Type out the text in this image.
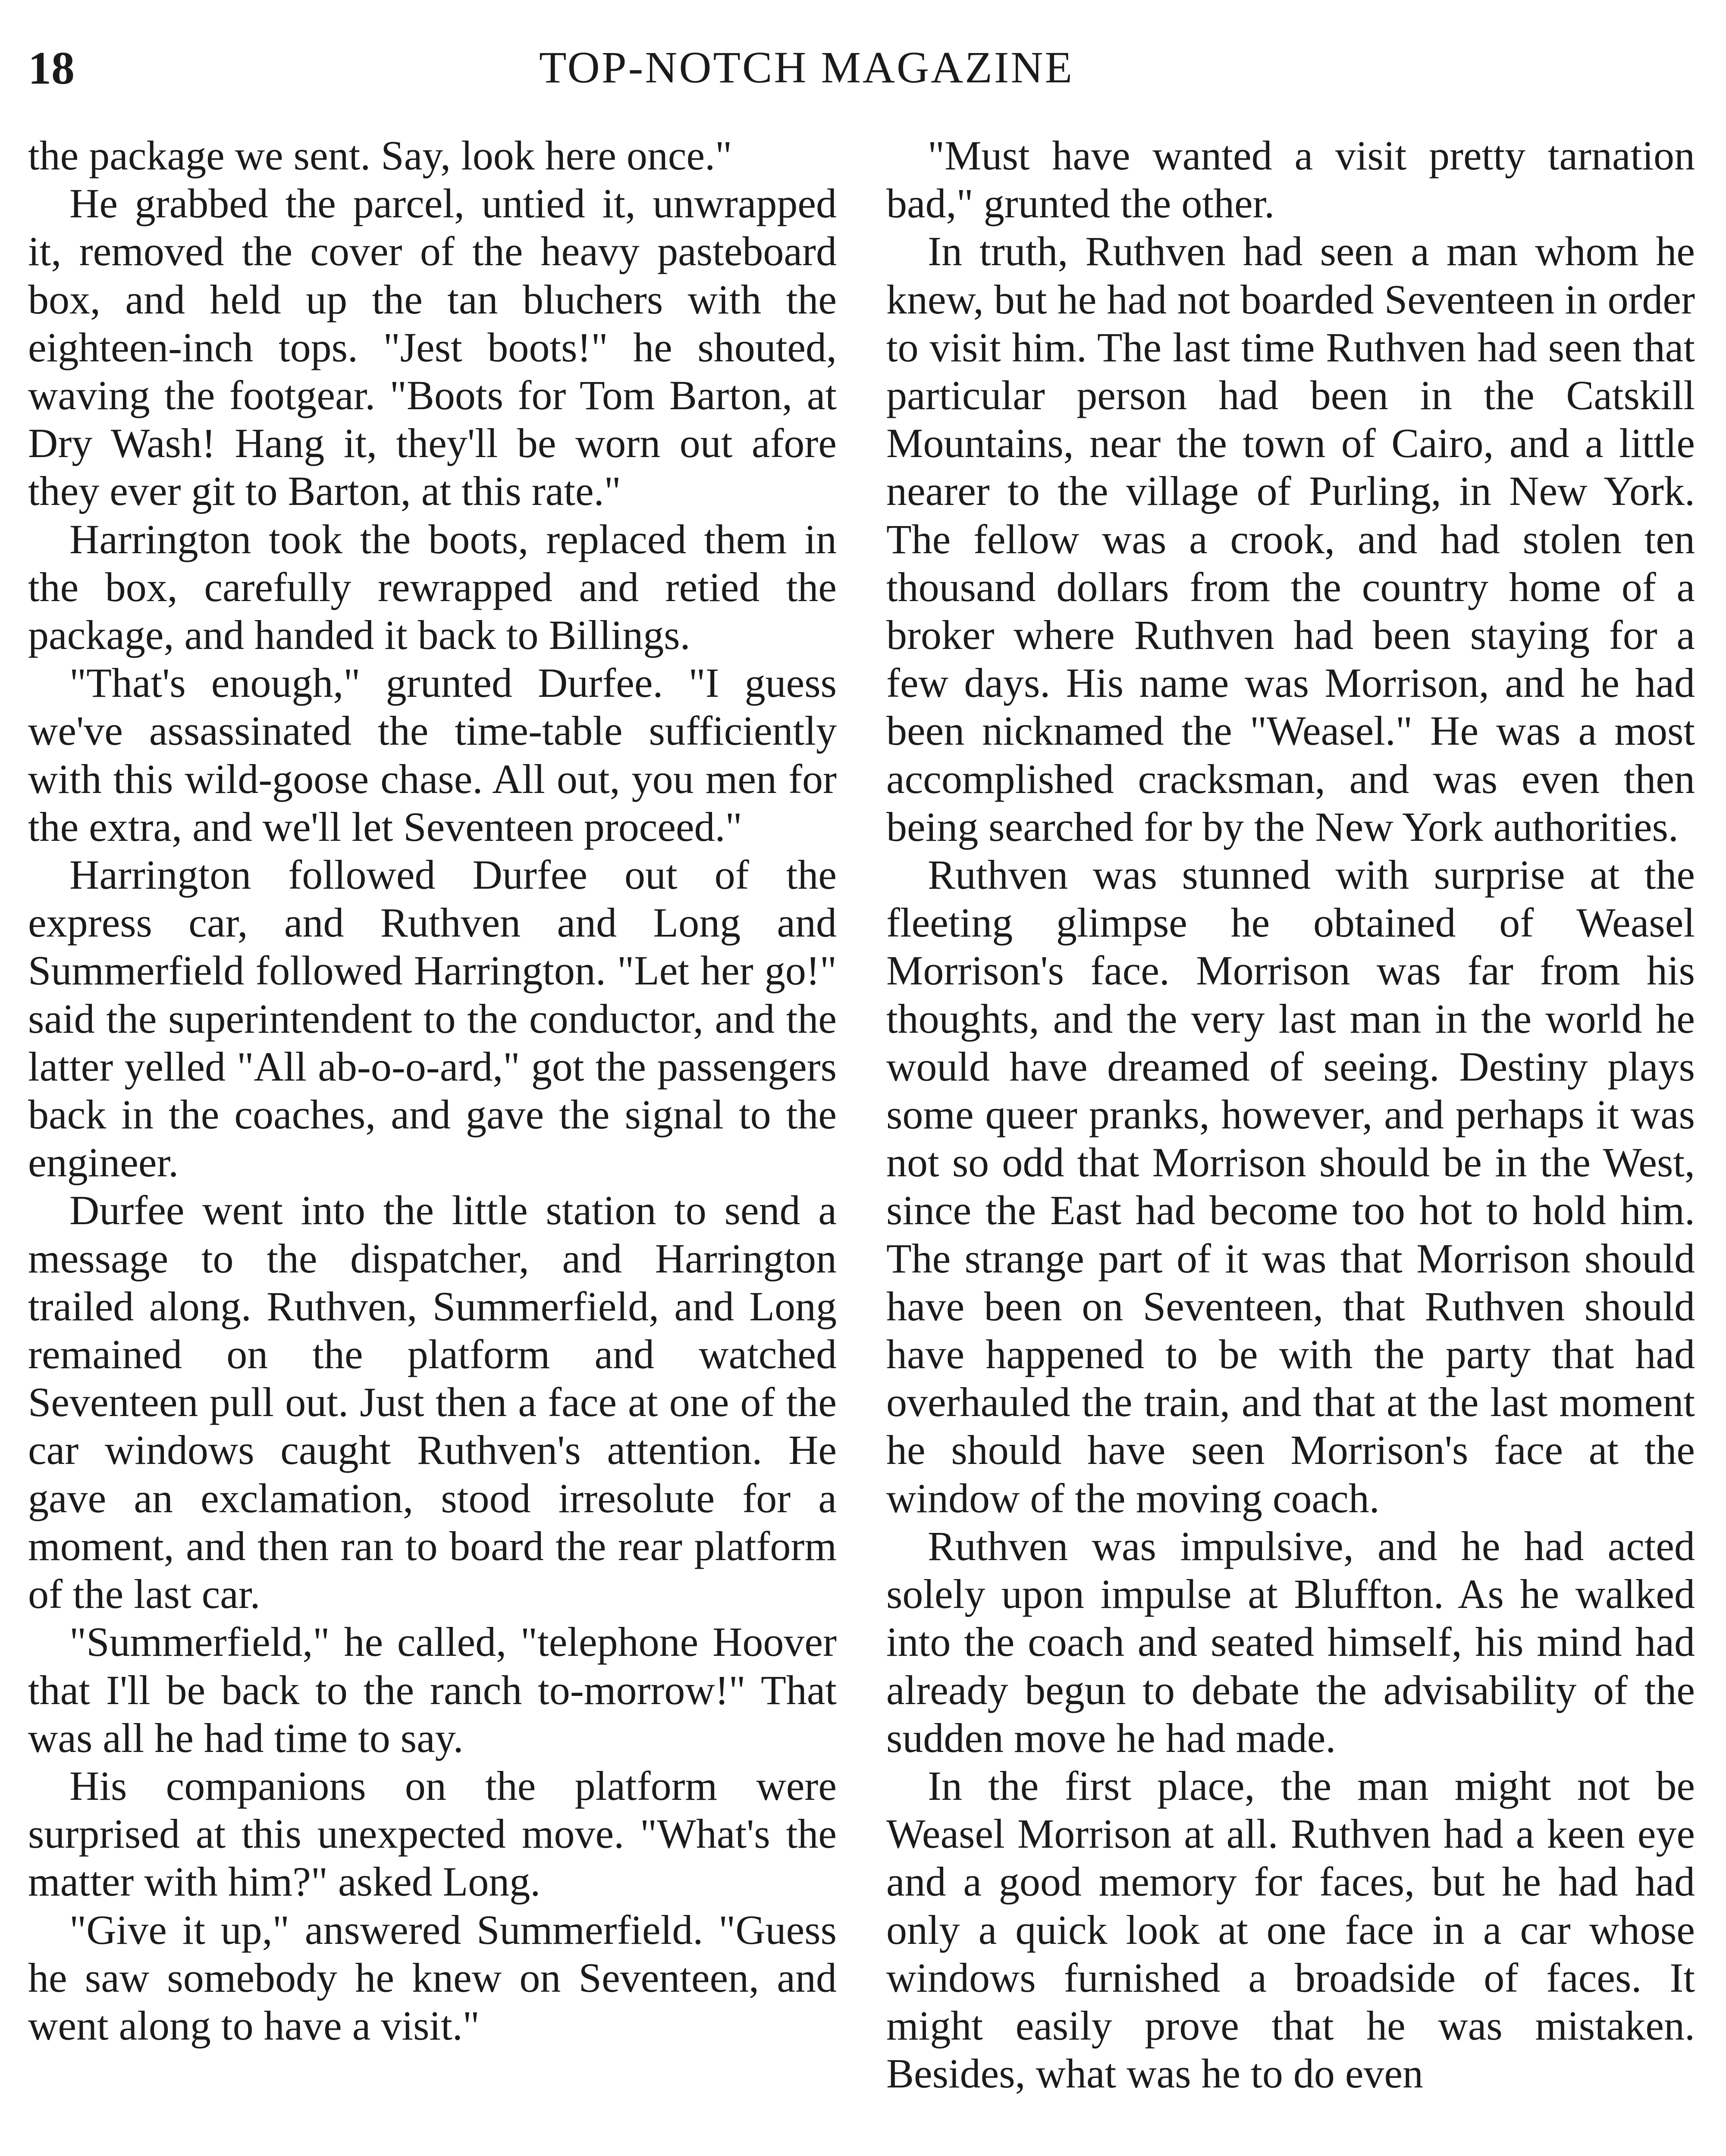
18	TOP-NOTCH MAGAZINE

the package we sent. Say, look here once."

He grabbed the parcel, untied it, unwrapped it, removed the cover of the heavy pasteboard box, and held up the tan bluchers with the eighteen-inch tops. "Jest boots!" he shouted, waving the footgear. "Boots for Tom Barton, at Dry Wash! Hang it, they'll be worn out afore they ever git to Barton, at this rate."

Harrington took the boots, replaced them in the box, carefully rewrapped and retied the package, and handed it back to Billings.

"That's enough," grunted Durfee. "I guess we've assassinated the time-table sufficiently with this wild-goose chase. All out, you men for the extra, and we'll let Seventeen proceed."

Harrington followed Durfee out of the express car, and Ruthven and Long and Summerfield followed Harrington. "Let her go!" said the superintendent to the conductor, and the latter yelled "All ab-o-o-ard," got the passengers back in the coaches, and gave the signal to the engineer.

Durfee went into the little station to send a message to the dispatcher, and Harrington trailed along. Ruthven, Summerfield, and Long remained on the platform and watched Seventeen pull out. Just then a face at one of the car windows caught Ruthven's attention. He gave an exclamation, stood irresolute for a moment, and then ran to board the rear platform of the last car.

"Summerfield," he called, "telephone Hoover that I'll be back to the ranch to-morrow!" That was all he had time to say.

His companions on the platform were surprised at this unexpected move. "What's the matter with him?" asked Long.

"Give it up," answered Summerfield. "Guess he saw somebody he knew on Seventeen, and went along to have a visit."

"Must have wanted a visit pretty tarnation bad," grunted the other.

In truth, Ruthven had seen a man whom he knew, but he had not boarded Seventeen in order to visit him. The last time Ruthven had seen that particular person had been in the Catskill Mountains, near the town of Cairo, and a little nearer to the village of Purling, in New York. The fellow was a crook, and had stolen ten thousand dollars from the country home of a broker where Ruthven had been staying for a few days. His name was Morrison, and he had been nicknamed the "Weasel." He was a most accomplished cracksman, and was even then being searched for by the New York authorities.

Ruthven was stunned with surprise at the fleeting glimpse he obtained of Weasel Morrison's face. Morrison was far from his thoughts, and the very last man in the world he would have dreamed of seeing. Destiny plays some queer pranks, however, and perhaps it was not so odd that Morrison should be in the West, since the East had become too hot to hold him. The strange part of it was that Morrison should have been on Seventeen, that Ruthven should have happened to be with the party that had overhauled the train, and that at the last moment he should have seen Morrison's face at the window of the moving coach.

Ruthven was impulsive, and he had acted solely upon impulse at Bluffton. As he walked into the coach and seated himself, his mind had already begun to debate the advisability of the sudden move he had made.

In the first place, the man might not be Weasel Morrison at all. Ruthven had a keen eye and a good memory for faces, but he had had only a quick look at one face in a car whose windows furnished a broadside of faces. It might easily prove that he was mistaken. Besides, what was he to do even
